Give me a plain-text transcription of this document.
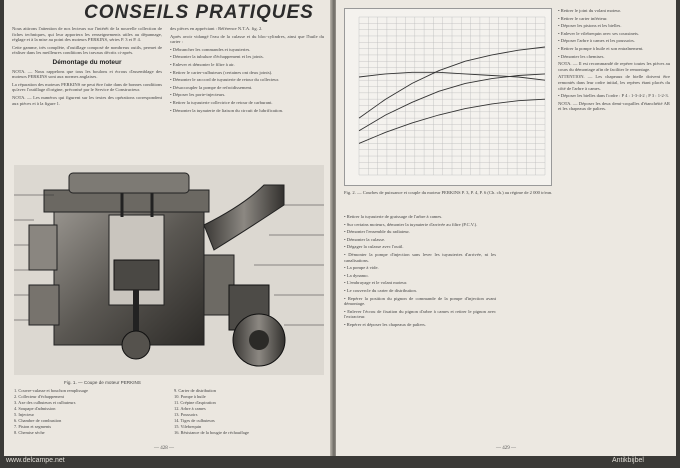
CONSEILS PRATIQUES

Nous attirons l'attention de nos lecteurs sur l'intérêt de la nouvelle collection de fiches techniques, qui leur apportera les renseignements utiles au dépannage, réglage et à la mise au point des moteurs PERKINS, séries P. 3 et P. 4.

Cette gamme, très complète, d'outillage composé de nombreux outils, permet de réaliser dans les meilleures conditions les travaux décrits ci-après.

Démontage du moteur

NOTA. — Nous rappelons que tous les boulons et écrous d'assemblage des moteurs PERKINS sont aux normes anglaises.

La réparation des moteurs PERKINS ne peut être faite dans de bonnes conditions qu'avec l'outillage d'origine, préconisé par le Service de Constructeur.

NOTA. — Les numéros qui figurent sur les textes des opérations correspondent aux pièces et à la figure 1.

des pièces en appréciant : Référence N.T.A. fig. 2.

Après avoir vidangé l'eau de la culasse et du bloc-cylindres, ainsi que l'huile du carter :

• Débrancher les commandes et tuyauteries.

• Démonter la tubulure d'échappement et les joints.

• Enlever et démonter le filtre à air.

• Retirer le carter-culbuteurs (certaines ont deux joints).

• Démonter le raccord de tuyauterie de retour du collecteur.

• Désaccoupler la pompe de refroidissement.

• Déposer les porte-injecteurs.

• Retirer la tuyauterie collectrice de retour de carburant.

• Démonter la tuyauterie de liaison du circuit de lubrification.

Fig. 1. — Coupe de moteur PERKINS
1. Couvre-culasse et bouchon remplissage
2. Collecteur d'échappement
3. Axe des culbuteurs et culbuteurs
4. Soupape d'admission
5. Injecteur
6. Chambre de combustion
7. Piston et segments
8. Chemise sèche
9. Carter de distribution
10. Pompe à huile
11. Crépine d'aspiration
12. Arbre à cames
13. Poussoirs
14. Tiges de culbuteurs
15. Vilebrequin
16. Résistance de la bougie de réchauffage
— 428 —
Fig. 2. — Courbes de puissance et couple du moteur PERKINS P. 3, P. 4, P. 6 (Ch. ch.) au régime de 2 000 tr/mn.

• Retirer la tuyauterie de graissage de l'arbre à cames.

• Sur certains moteurs, démonter la tuyauterie d'arrivée au filtre (P.C.V.).

• Démonter l'ensemble du radiateur.

• Démonter la culasse.

• Dégager la culasse avec l'outil.

• Démonter la pompe d'injection sans lever les tuyauteries d'arrivée, ni les canalisations.

• La pompe à vide.

• La dynamo.

• L'embrayage et le volant moteur.

• Le couvercle du carter de distribution.

• Repérer la position du pignon de commande de la pompe d'injection avant démontage.

• Enlever l'écrou de fixation du pignon d'arbre à cames et retirer le pignon avec l'extracteur.

• Repérer et déposer les chapeaux de paliers.

• Retirer le joint du volant moteur.

• Retirer le carter inférieur.

• Déposer les pistons et les bielles.

• Enlever le vilebrequin avec ses coussinets.

• Déposer l'arbre à cames et les poussoirs.

• Retirer la pompe à huile et son entraînement.

• Démonter les chemises.

NOTA. — Il est recommandé de repérer toutes les pièces au cours du démontage afin de faciliter le remontage.

ATTENTION. — Les chapeaux de bielle doivent être remontés dans leur ordre initial, les repères étant placés du côté de l'arbre à cames.

• Déposer les bielles dans l'ordre : P 4 : 1-3-4-2 ; P 3 : 1-2-3.

NOTA. — Déposer les deux demi-coquilles d'étanchéité AR et les chapeaux de paliers.

— 429 —
www.delcampe.net	Antikbijbel
